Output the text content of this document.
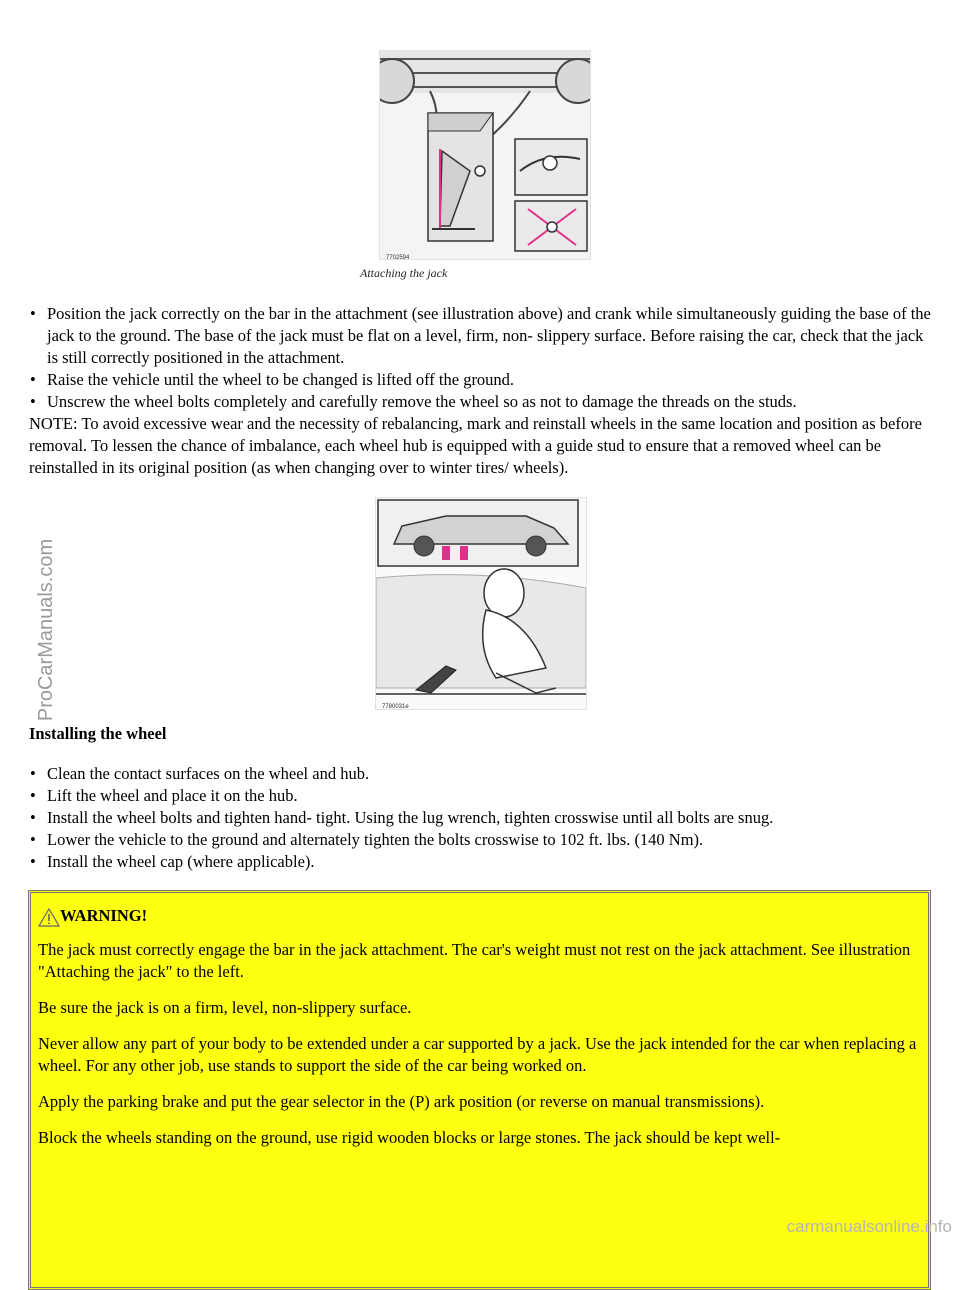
7702594
Attaching the jack
• Position the jack correctly on the bar in the attachment (see illustration above) and crank while simultaneously guiding the base of the jack to the ground. The base of the jack must be flat on a level, firm, non- slippery surface. Before raising the car, check that the jack is still correctly positioned in the attachment.
• Raise the vehicle until the wheel to be changed is lifted off the ground.
• Unscrew the wheel bolts completely and carefully remove the wheel so as not to damage the threads on the studs.

NOTE: To avoid excessive wear and the necessity of rebalancing, mark and reinstall wheels in the same location and position as before removal. To lessen the chance of imbalance, each wheel hub is equipped with a guide stud to ensure that a removed wheel can be reinstalled in its original position (as when changing over to winter tires/ wheels).

7780031e

Installing the wheel

• Clean the contact surfaces on the wheel and hub.
• Lift the wheel and place it on the hub.
• Install the wheel bolts and tighten hand- tight. Using the lug wrench, tighten crosswise until all bolts are snug.
• Lower the vehicle to the ground and alternately tighten the bolts crosswise to 102 ft. lbs. (140 Nm).
• Install the wheel cap (where applicable).
WARNING!

The jack must correctly engage the bar in the jack attachment. The car's weight must not rest on the jack attachment. See illustration "Attaching the jack" to the left.

Be sure the jack is on a firm, level, non-slippery surface.

Never allow any part of your body to be extended under a car supported by a jack. Use the jack intended for the car when replacing a wheel. For any other job, use stands to support the side of the car being worked on.

Apply the parking brake and put the gear selector in the (P) ark position (or reverse on manual transmissions).

Block the wheels standing on the ground, use rigid wooden blocks or large stones. The jack should be kept well-

ProCarManuals.com
carmanualsonline.info
